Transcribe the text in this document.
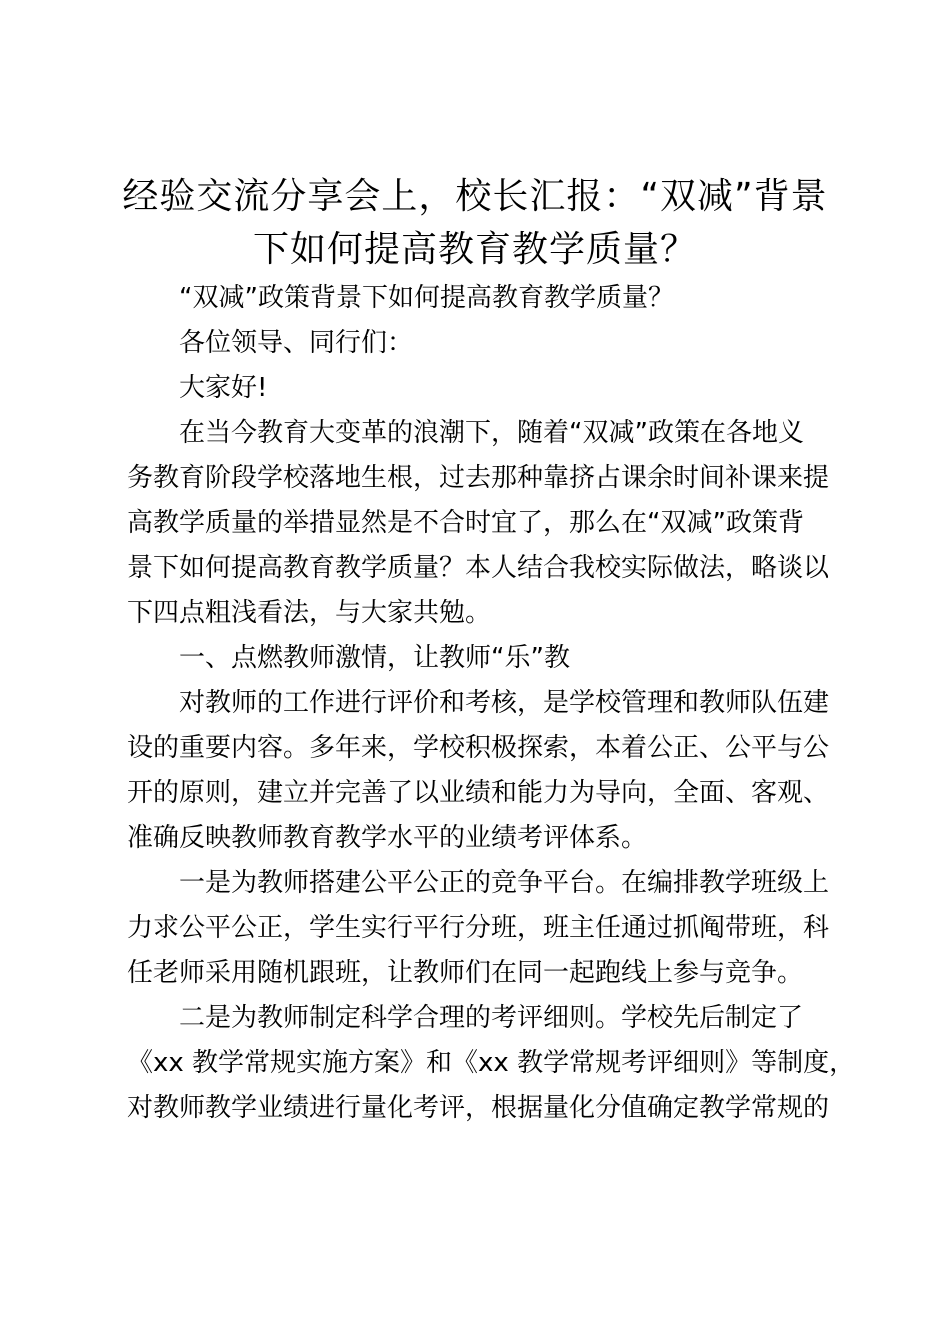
经验交流分享会上，校长汇报：“双减”背景
下如何提高教育教学质量？

“双减”政策背景下如何提高教育教学质量？

各位领导、同行们：

大家好!

在当今教育大变革的浪潮下，随着“双减”政策在各地义
务教育阶段学校落地生根，过去那种靠挤占课余时间补课来提
高教学质量的举措显然是不合时宜了，那么在“双减”政策背
景下如何提高教育教学质量？本人结合我校实际做法，略谈以
下四点粗浅看法，与大家共勉。

一、点燃教师激情，让教师“乐”教

对教师的工作进行评价和考核，是学校管理和教师队伍建
设的重要内容。多年来，学校积极探索，本着公正、公平与公
开的原则，建立并完善了以业绩和能力为导向，全面、客观、
准确反映教师教育教学水平的业绩考评体系。

一是为教师搭建公平公正的竞争平台。在编排教学班级上
力求公平公正，学生实行平行分班，班主任通过抓阄带班，科
任老师采用随机跟班，让教师们在同一起跑线上参与竞争。

二是为教师制定科学合理的考评细则。学校先后制定了
《xx 教学常规实施方案》和《xx 教学常规考评细则》等制度，
对教师教学业绩进行量化考评，根据量化分值确定教学常规的
